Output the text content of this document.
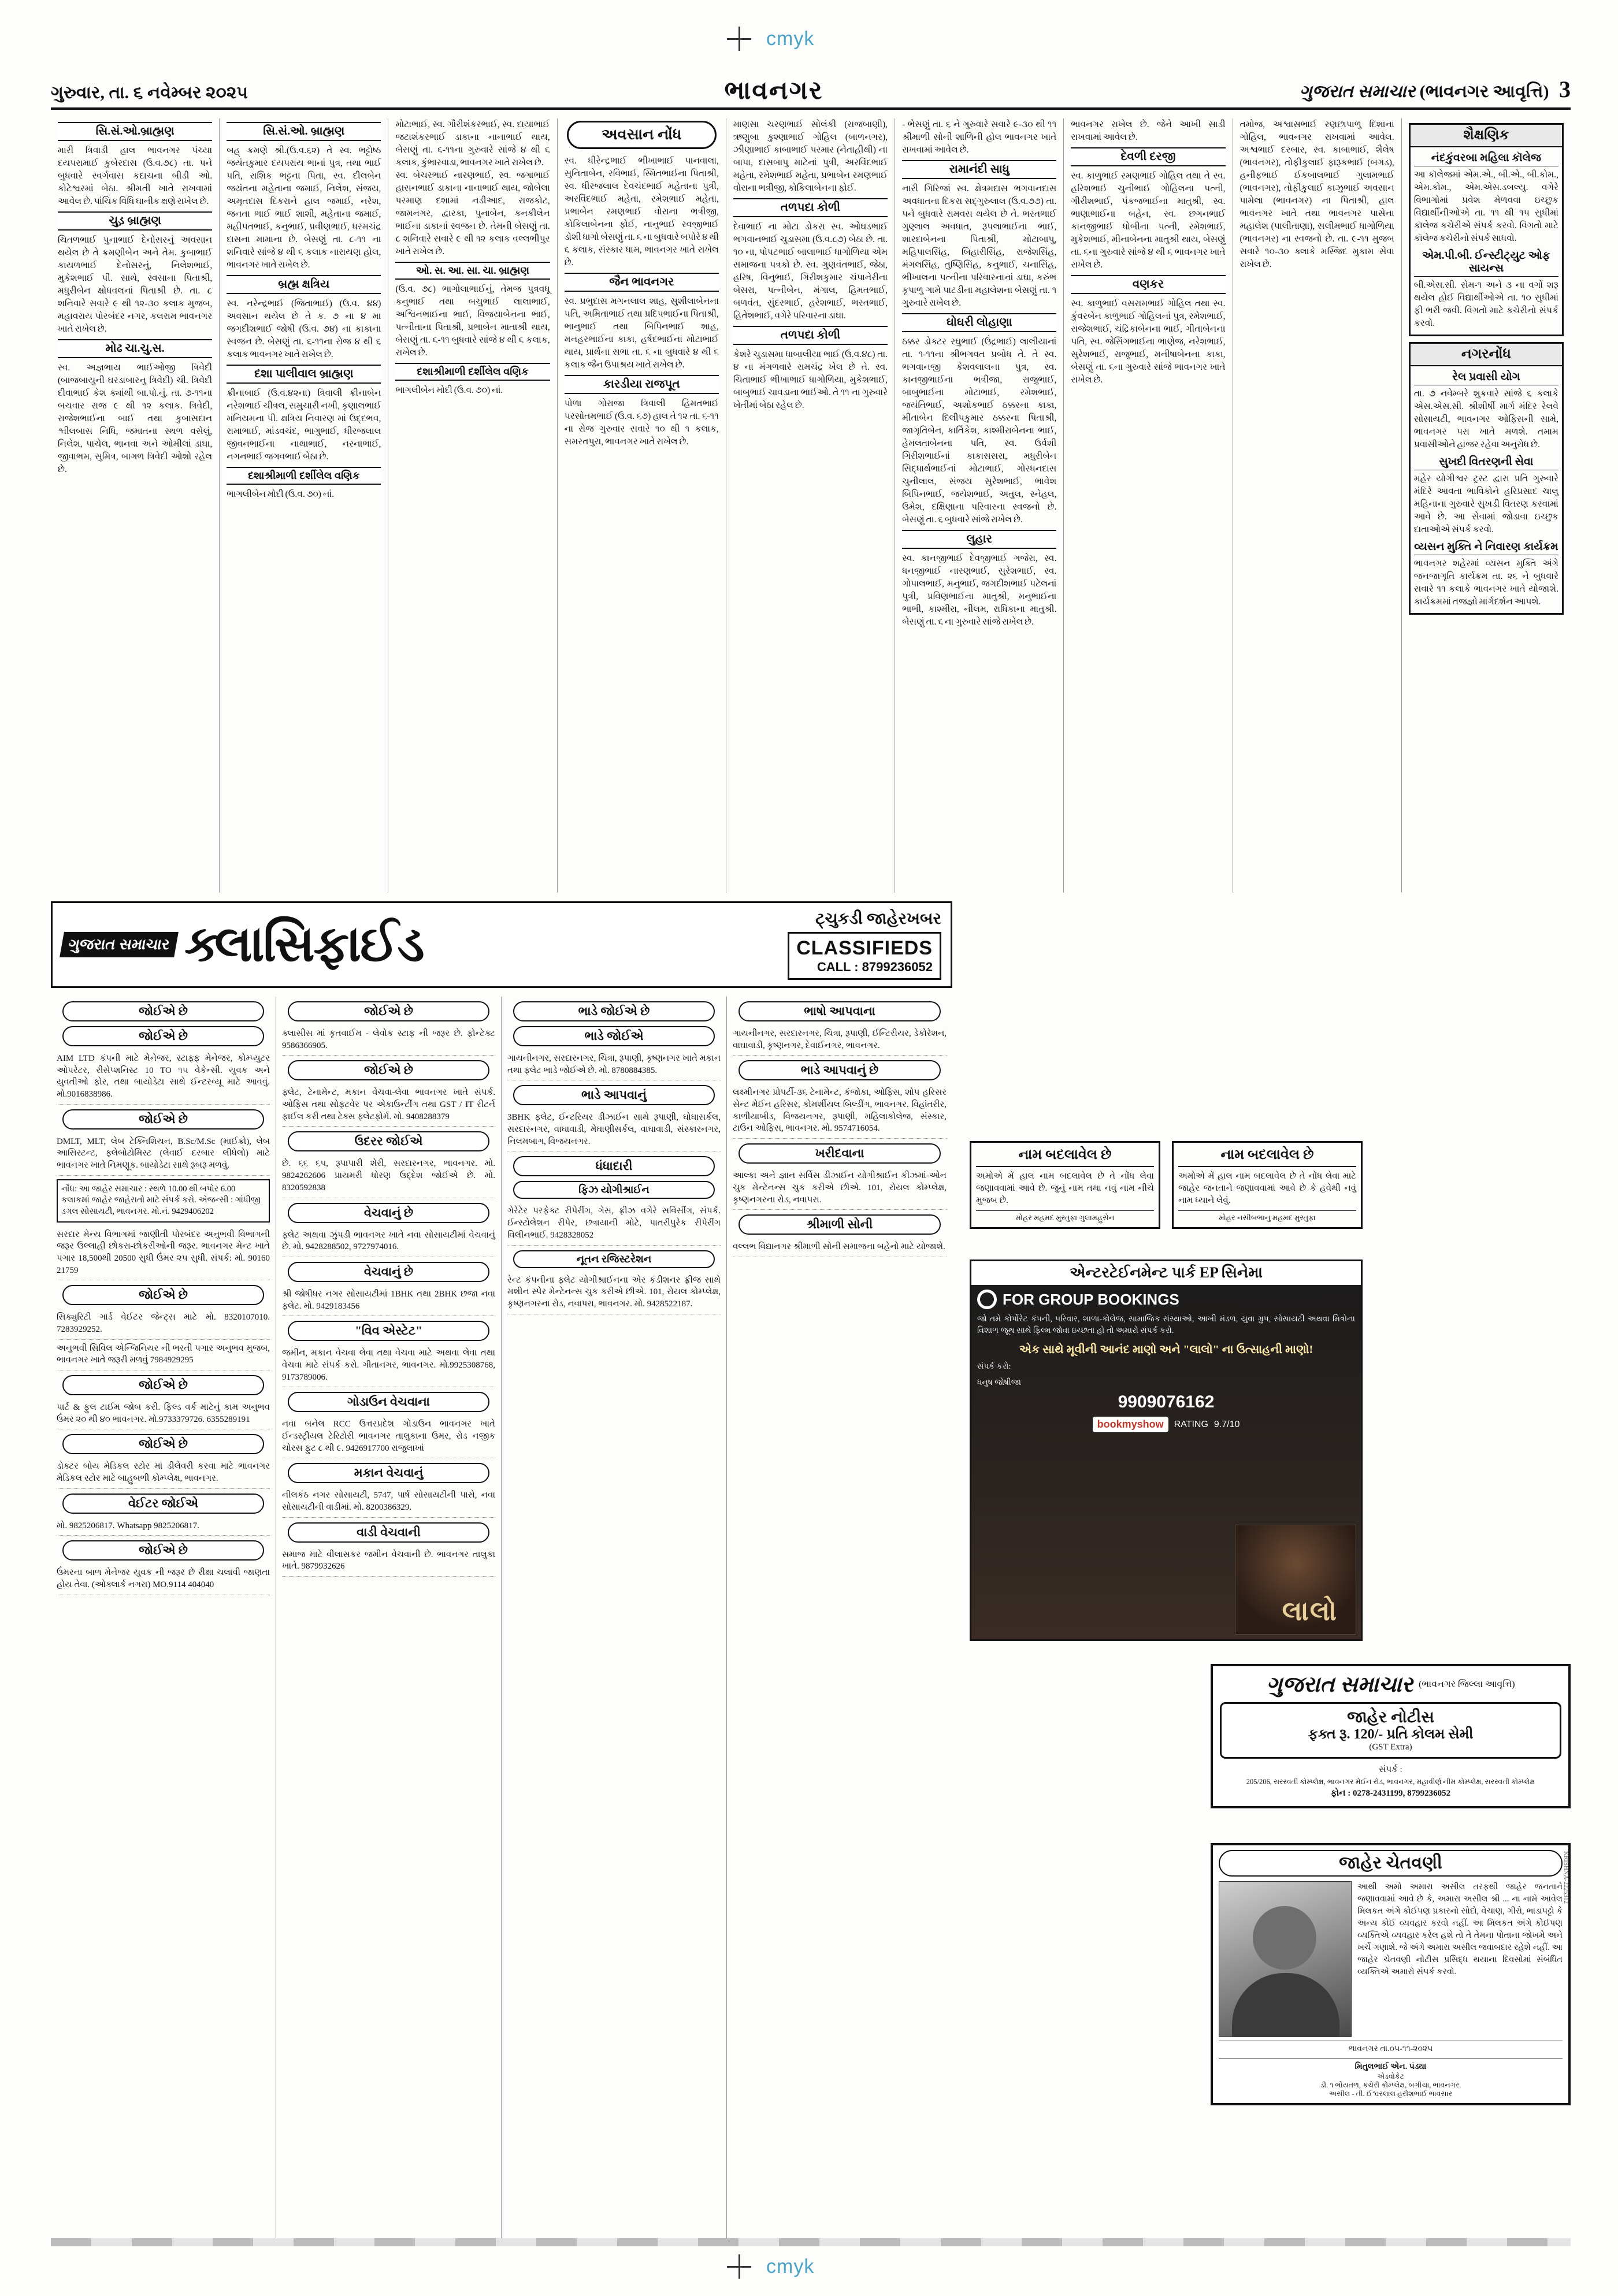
cmyk
ગુરુવાર, તા. ૬ નવેમ્બર ૨૦૨૫	ભાવનગર	ગુજરાત સમાચાર (ભાવનગર આવૃત્તિ) 3
સિ.સં.ઓ.બ્રાહ્મણ
મારી ત્રિવાડી હાલ ભાવનગર પંચ્યા દયપરામાઈ કુબેરદાસ (ઉ.વ.૭૮) તા. પને બુધવારે સ્વર્ગવાસ કદાચના બીડી ઓ. કોટેશ્વરમાં બેઠા. શ્રીમતી ખાતે રાખવામાં આવેલ છે. પાંચિક વિધિ ઘાનીક ક્ષણે રાખેલ છે.
ચુડ઼ બ્રાહ્મણ
ચિતળભાઈ પુનાભાઈ દેનોસરનું અવસાન થયેલ છે તે ક્રમણીબેન અને તેમ. કુબાભાઈ કાયળભાઈ દેનોસરનું, નિલેશભાઈ, મુકેશભાઈ પી. સાથે, સ્વસાના પિતાશ્રી, મધુરીબેન ક્ષોધવલનાં પિતાશ્રી છે. તા. ૮ શનિવારે સવારે ૯ થી ૧૨-૩૦ કલાક મુજબ, મહાવરાય પોરબંદર નગર, કલરામ ભાવનગર ખાતે રાખેલ છે.
મોઢ ચા.ચુ.સ.
સ્વ. અજ્ઞભાય ભાઈઓજી ત્રિવેદી (બાજબાયુની ઘરડાબારનુ ત્રિવેદી) ચી. ત્રિવેદી દીવાભાઈ કેશ ક્યાંથી બા.પો.નું. તા. ૭-૧૧ના બચવાર રાજ ૯ થી ૧૨ કલાક. ત્રિવેદી, રાજેશભાઈના બાઈ તથા કુબાસદાન શ્વીલબાસ નિધિ, જમાતના સ્થળ વસેલું, નિલેશ, પાચેલ, ભાનવા અને ઓમીલાં ડાઘા, જીવાભમ, સુમિત્ર, બાગળ ત્રિવેદી ઓશો રહેલ છે.
સિ.સં.ઓ. બ્રાહ્મણ
બહ્ ક્રમણે શ્રી.(ઉ.વ.૬૨) તે સ્વ. ભટ્ટોષ્ઠ જયંતકુમાર દયપરાય ભાનાં પુત્ર, તથા ભાઈ પતિ, રાશિક ભટ્ટના પિતા, સ્વ. દીલબેન જયંતના મહેતાના જમાઈ, નિલેશ, સંજય, અમૃતદાસ દિકરાને હાલ જમાઈ, નરેશ, જનતા ભાઈ ભાઈ શાશી, મહેતાના જમાઈ, મહીપતભાઈ, કનુભાઈ, પ્રવીણભાઈ, ધરમચંદ્ર દાસના મામાના છે. બેસણું તા. ૮-૧૧ ના શનિવારે સાંજે ૪ થી ૬ કલાક નારાયણ હોલ, ભાવનગર ખાતે રાખેલ છે.
બ્રહ્મ ક્ષત્રિય
સ્વ. નરેન્દ્રભાઈ (જિતાભાઈ) (ઉ.વ. ૪૪) અવસાન થયેલ છે તે ક. ૭ ના ૪ મા જગદીશભાઈ જોષી (ઉ.વ. ૭૪) ના કાકાના સ્વજન છે. બેસણું તા. ૬-૧૧ના રોજ ૪ થી ૬ કલાક ભાવનગર ખાતે રાખેલ છે.
દશા પાલીવાલ બ્રાહ્મણ
ક્રીનાબાઈ (ઉ.વ.૪૨ના) ત્રિવાલી ક્રીનાબેન નરેશભાઈ ચીત્રલ, સમુચારી નખી, કૃણાલભાઈ મનિયમના પી. ક્ષત્રિય નિવારણ માં ઉદ્દભવ, રામાભાઈ, માંડવચંદ, ભાગુભાઈ, ધીરજલાલ જીવનભાઈના નાથાભાઈ, નરનાભાઈ, નગનભાઈ જગવભાઈ બેઠા છે.
દશાશ્રીમાળી દર્શીલેલ વણિક
ભાગલીબેન મોદી (ઉ.વ. ૭૦) નાં.
મોટાભાઈ, સ્વ. ગૌરીશંકરભાઈ, સ્વ. દાયાભાઈ જટાશંકરભાઈ ડાકાના નાનાભાઈ થાય, બેસણું તા. ૬-૧૧ના ગુરુવારે સાંજે ૪ થી ૬ કલાક, કુંભારવાડા, ભાવનગર ખાતે રાખેલ છે.
સ્વ. બેચરભાઈ નારણભાઈ, સ્વ. જગાભાઈ હાસનભાઈ ડાકાના નાનાભાઈ થાય, જોબેલા પરમાણ દશામાં નડીઆદ, રાજકોટ, જામનગર, દ્વારકા, પુનાબેન, કનકીલેન ભાઈના ડાકાનાં સ્વજન છે. તેમની બેસણું તા. ૮ શનિવારે સવારે ૯ થી ૧૨ કલાક વલ્લભીપુર ખાતે રાખેલ છે.
ઓ. સ. આ. સા. ચા. બ્રાહ્મણ
(ઉ.વ. ૭૮) ભાગોલાભાઈનું, તેમજ પુત્રવધૂ કનુભાઈ તથા બચુભાઈ લાલાભાઈ, અશ્વિનભાઈના ભાઈ, વિજયાબેનના ભાઈ, પત્નીતાના પિતાશ્રી, પ્રભાબેન માતાશ્રી થાય, બેસણું તા. ૬-૧૧ બુધવારે સાંજે ૪ થી ૬ કલાક, રાખેલ છે.
દશાશ્રીમાળી દર્શીલેલ વણિક
ભાગલીબેન મોદી (ઉ.વ. ૭૦) નાં.
અવસાન નોંધ
સ્વ. ધીરેન્દ્રભાઈ ભીખાભાઈ પાનવાલા, સુનિતાબેન, રવિભાઈ, સ્મિતભાઈના પિતાશ્રી, સ્વ. ધીરજલાલ દેવચંદભાઈ મહેતાના પુત્રી, અરવિંદભાઈ મહેતા, રમેશભાઈ મહેતા, પ્રભાબેન રમણભાઈ વોરાના ભત્રીજી, કોકિલાબેનના ફોઈ, નાનુભાઈ રવજીભાઈ ડોશી ધાગો બેસણું તા. ૬ ના બુધવારે બપોરે ૪ થી ૬ કલાક, સંસ્કાર ધામ, ભાવનગર ખાતે રાખેલ છે.
જૈન ભાવનગર
સ્વ. પ્રભુદાસ મગનલાલ શાહ, સુશીલાબેનના પતિ, અમિતાભાઈ તથા પ્રદિપભાઈના પિતાશ્રી, ભાનુભાઈ તથા બિપિનભાઈ શાહ, મનહરભાઈના કાકા, હર્ષદભાઈના મોટાભાઈ થાય, પ્રાર્થના સભા તા. ૬ ના બુધવારે ૪ થી ૬ કલાક જૈન ઉપાશ્રય ખાતે રાખેલ છે.
કારડીયા રાજપૂત
પોળા ગોરાજા ત્રિવાલી હિમતભાઈ પરસોતમભાઈ (ઉ.વ. ૬૭) હાલ તે ૧૨ તા. ૬-૧૧ ના રોજ ગુરુવાર સવારે ૧૦ થી ૧ કલાક, સમરતપુરા, ભાવનગર ખાતે રાખેલ છે.
માણસા ચરણભાઈ સોલંકી (રાજબાણી), ઋણુબા કુશ્ણાભાઈ ગોહિલ (બાળનગર), ઝીણાભાઈ કાબાભાઈ પરમાર (નેતાહીથી) ના બાપા, દાસબાપુ માટેનાં પુત્રી, અરવિંદભાઈ મહેતા, રમેશભાઈ મહેતા, પ્રભાબેન રમણભાઈ વોરાના ભત્રીજી, કોકિલાબેનના ફોઈ.
તળપદા કોળી
દેવાભાઈ ના મોટા ડોકરા સ્વ. ઓઘડભાઈ ભગવાનભાઈ ચુડાસમા (ઉ.વ.૮૭) બેઠા છે. તા. ૧૦ ના, પોપટભાઈ બાલાભાઈ ધાગોળિયા એમ સમાજના પત્રકો છે. સ્વ. ગુણવંતભાઈ, જેઠા, હરિષ, વિનુભાઈ, ગિરીશકુમાર ચંપાનેરીના બેસરા, પત્નીબેન, મંગાલ, હિમતભાઈ, બળવંત, સુંદરભાઈ, હરેશભાઈ, ભરતભાઈ, હિતેશભાઈ, વગેરે પરિવારના ડાઘા.
તળપદા કોળી
કેશરે ચુડાસમા ધાબાલીયા ભાઈ (ઉ.વ.૪૮) તા. ૪ ના મંગળવારે રામચંદ્ર ખેલ છે તે. સ્વ. ચિતાભાઈ ભીખાભાઈ ધાગોળિયા, મુકેશભાઈ, બાબુભાઈ ચાવડાના ભાઈઓ. તે ૧૧ ના ગુરુવારે ખેતીમાં બેઠા રહેલ છે.
- ભેસણું તા. ૬ ને ગુરુવારે સવારે ૯-૩૦ થી ૧૧ શ્રીમાળી સોની શાળિની હોલ ભાવનગર ખાતે રાખવામાં આવેલ છે.
રામાનંદી સાધુ
નારી ગિરિજાં સ્વ. ક્ષેત્રમદાસ ભગવાનદાસ અવધાતના દિકરા સદ્ગુરુલાલ (ઉ.વ.૭૭) તા. પને બુધવારે રામવસ થયેલ છે તે. ભરતભાઈ ગુણ્લાલ અવધાત, રૂપલાભાઈના ભાઈ, શારદાબેનના પિતાશ્રી, મોટાબાપુ, મહિપાલસિંહ, બિહારીસિંહ, રાજેશસિંહ, મંગલસિંહ, તુષ્ણિસિંહ, કનુભાઈ, ચનાસિંહ, ભીખાલના પત્નીના પરિવારનાનાં ડાઘા, કરુંભ કૃપાળુ ગામે પાટડીના મહાલેશના બેસણું તા. ૧ ગુરુવારે રાખેલ છે.
ઘોઘરી લોહાણા
ઠક્કર ડોક્ટર રઘુભાઈ (ઉંદ્રભાઈ) લાલીયાનાં તા. ૧-૧૧ના શ્રીભગવત પ્રબોધ તે. તે સ્વ. ભગવાનજી કેશવલાલના પુત્ર, સ્વ. કાનજીભાઈના ભત્રીજા, રાજુભાઈ, બાબુભાઈના મોટાભાઈ, રમેશભાઈ, જયંતિભાઈ, અશોકભાઈ ઠક્કરના કાકા, મીતાબેન દિલીપકુમાર ઠક્કરના પિતાશ્રી, જાગૃતિબેન, કાર્તિકેશ, કાશ્મીરાબેનના ભાઈ, હેમલતાબેનના પતિ, સ્વ. ઉર્વશી ગિરીશભાઈનાં કાકાસસરા, મધુરીબેન સિદ્ધાર્થભાઈનાં મોટાભાઈ, ગોરધનદાસ ચુનીલાલ, સંજય સુરેશભાઈ, ભાવેશ બિપિનભાઈ, જયેશભાઈ, અતુલ, સ્નેહલ, ઉમેશ, દક્ષિણાના પરિવારના સ્વજનો છે. બેસણું તા. ૬ બુધવારે સાંજે રાખેલ છે.
લુહાર
સ્વ. કાનજીભાઈ દેવજીભાઈ ગજેરા, સ્વ. ધનજીભાઈ નારણભાઈ, સુરેશભાઈ, સ્વ. ગોપાલભાઈ, મનુભાઈ, જગદીશભાઈ પટેલનાં પુત્રી, પ્રવિણભાઈના માતુશ્રી, મનુભાઈના ભાભી, કાશ્મીરા, નીલમ, રાધિકાના માતુશ્રી. બેસણું તા. ૬ ના ગુરુવારે સાંજે રાખેલ છે.
ભાવનગર રાખેલ છે. જેને આખી સાડી રાખવામાં આવેલ છે.
દેવળી દરજી
સ્વ. કાળુભાઈ રમણભાઈ ગોહિલ તથા તે સ્વ. હરિશભાઈ ચુનીભાઈ ગોહિલના પત્ની, ગીરીશભાઈ, પંકજભાઈના માતુશ્રી, સ્વ. ભાણાભાઈના બહેન, સ્વ. છગનભાઈ કાનજીભાઈ ધોબીના પત્ની, રમેશભાઈ, મુકેશભાઈ, મીનાબેનના માતુશ્રી થાય, બેસણું તા. ૬ના ગુરુવારે સાંજે ૪ થી ૬ ભાવનગર ખાતે રાખેલ છે.
વણકર
સ્વ. કાળુભાઈ વસરામભાઈ ગોહિલ તથા સ્વ. કુંવરબેન કાળુભાઈ ગોહિલનાં પુત્ર, રમેશભાઈ, રાજેશભાઈ, ચંદ્રિકાબેનના ભાઈ, ગીતાબેનના પતિ, સ્વ. જેસિંગભાઈના ભાણેજ, નરેશભાઈ, સુરેશભાઈ, રાજુભાઈ, મનીષાબેનના કાકા, બેસણું તા. ૬ના ગુરુવારે સાંજે ભાવનગર ખાતે રાખેલ છે.
તમોજ, અશ્વાસભાઈ રણછાપાળુ દિશાના ગોહિલ, ભાવનગર રાખવામાં આવેલ. અશ્વભાઈ દરબાર, સ્વ. કાબાભાઈ, શૈલેષ (ભાવનગર), તોફીકુલાઈ ફારૂકભાઈ (બગડ), હનીફભાઈ ઈકબાલભાઈ ગુલામભાઈ (ભાવનગર), તોફીકુલાઈ કાઝુભાઈ અવસાન પામેલા (ભાવનગર) ના પિતાશ્રી, હાલ ભાવનગર ખાતે તથા ભાવનગર પાસેના મહાલેશ (પાલીતાણા), સલીમભાઈ ધાગોળિયા (ભાવનગર) ના સ્વજનો છે. તા. ૯-૧૧ મુજબ સવારે ૧૦-૩૦ ક્લાકે મસ્જિદ મુકામ સેવા રાખેલ છે.
શૈક્ષણિક
નંદકુંવરબા મહિલા કૉલેજ
આ કૉલેજમાં એમ.એ., બી.એ., બી.કોમ., એમ.કોમ., એમ.એસ.ડબલ્યુ. વગેરે વિભાગોમાં પ્રવેશ મેળવવા ઇચ્છુક વિદ્યાર્થીનીઓએ તા. ૧૧ થી ૧૫ સુધીમાં કૉલેજ કચેરીએ સંપર્ક કરવો. વિગતો માટે કૉલેજ કચેરીનો સંપર્ક સાધવો.
એમ.પી.બી. ઈન્સ્ટીટ્યુટ ઓફ સાયન્સ
બી.એસ.સી. સેમ-૧ અને ૩ ના વર્ગો શરૂ થયેલ હોઈ વિદ્યાર્થીઓએ તા. ૧૦ સુધીમાં ફી ભરી જવી. વિગતો માટે કચેરીનો સંપર્ક કરવો.
નગરનોંધ
રેલ પ્રવાસી યોગ
તા. ૭ નવેમ્બરે શુક્રવારે સાંજે ૬ કલાકે એસ.એસ.સી. શ્રીશીર્ષી માર્ગ મંદિર રેલવે સોસાયટી, ભાવનગર ઓફિસની સામે, ભાવનગર પરા ખાતે મળશે. તમામ પ્રવાસીઓને હાજર રહેવા અનુરોધ છે.
સુખદી વિતરણની સેવા
મહેર યોગીશ્વર ટ્રસ્ટ દ્વારા પ્રતિ ગુરુવારે મંદિરે આવતા ભાવિકોને હરિપ્રસાદ ચાલુ મહિનાના ગુરુવારે સુખડી વિતરણ કરવામાં આવે છે. આ સેવામાં જોડાવા ઇચ્છુક દાતાઓએ સંપર્ક કરવો.
વ્યસન મુક્તિ ને નિવારણ કાર્યક્રમ
ભાવનગર શહેરમાં વ્યસન મુક્તિ અંગે જનજાગૃતિ કાર્યક્રમ તા. ૨૬ ને બુધવારે સવારે ૧૧ કલાકે ભાવનગર ખાતે યોજાશે. કાર્યક્રમમાં તજજ્ઞો માર્ગદર્શન આપશે.
ગુજરાત સમાચાર ક્લાસિફાઈડ	ટ્ચુકડી જાહેરખબર
CLASSIFIEDS
CALL : 8799236052
જોઈએ છે
જોઈએ છે
AIM LTD કંપની માટે મેનેજર, સ્ટાફ્ફ મેનેજર, કોમ્પ્યુટર ઓપરેટર, રીસેપ્શનિસ્ટ 10 TO ૧૫ વેકેન્સી. યુવક અને યુવતીઓ ફોર, તથા બાયોડેટા સાથે ઈન્ટરવ્યૂ માટે આવવું. મો.9016838986.
જોઈએ છે
DMLT, MLT, લેબ ટેક્નિશિયન, B.Sc/M.Sc (માઈક્રો), લેબ આસિસ્ટન્ટ, ફ્લેબોટોમિસ્ટ (લેવાઈ દરબાર લીધેલો) માટે ભાવનગર ખાતે નિમણૂક. બાયોડેટા સાથે રૂબરૂ મળવું.
નોંધ: આ જાહેર સમાચાર : સ્થળે 10.00 થી બપોર 6.00 કલાકમાં જાહેર જાહેરાતો માટે સંપર્ક કરો. એજન્સી : ગાંધીજી ડગલ સોસાયટી, ભાવનગર. મો.નં. 9429406202
સરદાર મેન્ય વિભાગમાં જાણીતી પોરબંદર અનુભવી વિભાગની જરૂર ઉલ્લાહી છોકરા-છોકરીઓની જરૂર. ભાવનગર મેન્ટ ખાતે પગાર 18,500થી 20500 સુધી ઉંમર ૨૫ સુધી. સંપર્ક: મો. 90160 21759
જોઈએ છે
સિક્યુરિટી ગાર્ડ વેઈટર જેન્ટ્સ માટે મો. 8320107010. 7283929252.
અનુભવી સિવિલ એન્જિનિયર ની ભરતી પગાર અનુભવ મુજબ, ભાવનગર ખાતે જરૂરી મળવું 7984929295
જોઈએ છે
પાર્ટ & ફુલ ટાઈમ જોબ કરી. ફિલ્ડ વર્ક માટેનું કામ અનુભવ ઉંમર ૨૦ થી ૪૦ ભાવનગર. મો.9733379726. 6355289191
જોઈએ છે
ડોક્ટર બોય મેડિકલ સ્ટોર માં ડીલેવરી કરવા માટે ભાવનગર મેડિકલ સ્ટોર માટે બાહુબળી કોમ્પ્લેક્ષ, ભાવનગર.
વેઈટર જોઈએ
મો. 9825206817. Whatsapp 9825206817.
જોઈએ છે
ઉંમરના બાળ મેનેજર યુવક ની જરૂર છે રીક્ષા ચલાવી જાણતા હોય તેવા. (ઓક્લાર્ક નગરા) MO.9114 404040
જોઈએ છે
ક્લાસીસ માં કૃતવાઈમ - લેવોક સ્ટાફ ની જરૂર છે. ફોન્ટેક્ટ 9586366905.
જોઈએ છે
ફ્લેટ, ટેનામેન્ટ, મકાન વેચવા-લેવા ભાવનગર ખાતે સંપર્ક. ઓફિસ તથા સોફ્ટવેર પર એકાઉન્ટીંગ તથા GST / IT રીટર્ન ફાઈલ કરી તથા ટેક્સ ફ્લેટફોર્મ. મો. 9408288379
ઉદરર જોઈએ
છે. ૬૬ ૬૫, રૂપાપારી શેરી, સરદારનગર, ભાવનગર. મો. 9824262606 પ્રાયમરી ધોરણ ઉદ્દેશ જોઈએ છે. મો. 8320592838
વેચવાનું છે
ફ્લેટ અથવા ઝુંપડી ભાવનગર ખાતે નવા સોસાયટીમાં વેચવાનું છે. મો. 9428288502, 9727974016.
વેચવાનું છે
શ્રી જોષીધર નગર સોસાયટીમાં 1BHK તથા 2BHK છજા નવા ફ્લેટ. મો. 9429183456
"વિવ એસ્ટેટ"
જમીન, મકાન વેચવા લેવા તથા વેચવા માટે અથવા લેવા તથા વેચવા માટે સંપર્ક કરો. ગીતાનગર, ભાવનગર. મો.9925308768, 9173789006.
ગોડાઉન વેચવાના
નવા બનેલ RCC ઉત્તરપ્રદેશ ગોડાઉન ભાવનગર ખાતે ઈન્ડસ્ટ્રીયલ ટેરિટોરી ભાવનગર તાલુકાના ઉમર, રોડ નજીક ચોરસ ફુટ ૮ થી ૯. 9426917700 રાજુલાખાં
મકાન વેચવાનું
નીલકંઠ નગર સોસાયટી, 5747, પાર્ષ સોસાયટીની પાસે, નવા સોસાયટીની વાડીમાં. મો. 8200386329.
વાડી વેચવાની
સમાજ માટે વીલાસકર જમીન વેચવાની છે. ભાવનગર તાલુકા ખાતે. 9879932626
ભાડે જોઈએ છે
ભાડે જોઈએ
ગાયનીનગર, સરદારનગર, ચિત્રા, રૂપાણી, કૃષ્ણનગર ખાતે મકાન તથા ફ્લેટ ભાડે જોઈએ છે. મો. 8780884385.
ભાડે આપવાનું
3BHK ફ્લેટ, ઈન્ટરિયર ડીઝાઈન સાથે રૂપાણી, ઘોઘાસર્કલ, સરદારનગર, વાઘાવાડી, મેઘાણીસર્કલ, વાઘાવાડી, સંસ્કારનગર, નિલમબાગ, વિજયનગર.
ધંધાદારી
ફિઝ યોગીશ્રાઈન
ગેરેટેર પરફેક્ટ રીપેરીંગ, ગેસ, ફ્રીઝ વગેરે સર્વિસીંગ, સંપર્ક. ઈન્સ્ટોલેશન રીપેર, છત્રાયાની મોટે, પાતરીપુરેક રીપેરીંગ વિલીનભાઈ. 9428328052
નૂતન રજિસ્ટરેશન
રેન્ટ કંપનીના ફ્લેટ યોગીશ્રાઈનના એર કંડીશનર ફ્રીજ સાથે મશીન સ્પેર મેન્ટેનન્સ ચુક કરીએ છીએ. 101, રોયલ કોમ્પ્લેક્ષ, કૃષ્ણનગરના રોડ, નવાપરા, ભાવનગર. મો. 9428522187.
ભાષો આપવાના
ગાયનીનગર, સરદારનગર, ચિત્રા, રૂપાણી, ઈન્ટિરીયર, ડેકોરેશન, વાઘાવાડી, કૃષ્ણનગર, દેવાઈનગર, ભાવનગર.
ભાડે આપવાનું છે
લક્ષ્મીનગર પ્રોપર્ટી-૩૬ ટેનામેન્ટ, કંજોકા, ઓફિસ, શોપ હરિસર સેન્ટ મેઈન હરિસર, કોમર્શીયલ બિલ્ડીંગ, ભાવનગર. વિહાંતરીર, કાળીયાબીડ, વિજયનગર, રૂપાણી, મહિલાકોલેજ, સંસ્કાર, ટાઉન ઓફિસ, ભાવનગર. મો. 9574716054.
ખરીદવાના
આલ્કા અને જ્ઞાન સર્વિસ ડીઝાઈન યોગીશ્રાઈન કીઝમાં-ઓન ચુક મેન્ટેનન્સ ચુક કરીએ છીએ. 101, રોયલ કોમ્પ્લેક્ષ, કૃષ્ણનગરના રોડ, નવાપરા.
શ્રીમાળી સોની
વલ્લભ વિદ્યાનગર શ્રીમાળી સોની સમાજના બહેનો માટે યોજાશે.
નામ બદલાવેલ છે
અમોએ મેં હાલ નામ બદલાવેલ છે તે નોંધ લેવા જણાવવામાં આવે છે. જુનું નામ તથા નવું નામ નીચે મુજબ છે.
મોહર મહમદ મુસ્તુફા ગુલામહુસેન
નામ બદલાવેલ છે
અમોએ મેં હાલ નામ બદલાવેલ છે તે નોંધ લેવા માટે જાહેર જનતાને જણાવવામાં આવે છે કે હવેથી નવું નામ ધ્યાને લેવું.
મોહર નસીબભાનુ મહમદ મુસ્તુફા
એન્ટરટેઈનમેન્ટ પાર્ક EP સિનેમા
FOR GROUP BOOKINGS
જો તમે કોર્પોરેટ કંપની, પરિવાર, શાળા-કોલેજ, સામાજિક સંસ્થાઓ, આખી મંડળ, યુવા ગ્રુપ, સોસાયટી અથવા મિત્રોના વિશાળ જૂથ સાથે ફિલ્મ જોવા ઇચ્છતા હો તો અમારો સંપર્ક કરો.
એક સાથે મૂવીની આનંદ માણો અને "લાલો" ના ઉત્સાહની માણો!
સંપર્ક કરો:
ધનુષ જોષીજા
9909076162
bookmyshow	RATING 9.7/10
લાલો
ગુજરાત સમાચાર (ભાવનગર જિલ્લા આવૃત્તિ)
જાહેર નોટીસ
ફક્ત રૂ. 120/- પ્રતિ કોલમ સેમી
(GST Extra)
સંપર્ક :
205/206, સરસ્વતી કોમ્પ્લેક્ષ, ભાવનગર મેઈન રોડ, ભાવનગર, મહાવીર્ણ નીમ કોમ્પ્લેક્ષ, સરસ્વતી કોમ્પ્લેક્ષ
ફોન : 0278-2431199, 8799236052
જાહેર ચેતવણી
આથી અમો અમારા અસીલ તરફથી જાહેર જનતાને જણાવવામાં આવે છે કે, અમારા અસીલ શ્રી ... ના નામે આવેલ મિલકત અંગે કોઈપણ પ્રકારનો સોદો, વેચાણ, ગીરો, ભાડાપટ્ટો કે અન્ય કોઈ વ્યવહાર કરવો નહીં. આ મિલકત અંગે કોઈપણ વ્યક્તિએ વ્યવહાર કરેલ હશે તો તે તેમના પોતાના જોખમે અને ખર્ચે ગણાશે. જે અંગે અમારા અસીલ જવાબદાર રહેશે નહીં. આ જાહેર ચેતવણી નોટીસ પ્રસિદ્ધ થયાના દિવસોમાં સંબંધિત વ્યક્તિએ અમારો સંપર્ક કરવો.
ભાવનગર તા.૦૫-૧૧-૨૦૨૫
મિતુલભાઈ એન. પંડ્યા
એડવોકેટ
ડી. ૧ ભોંયતળ, કચેરી કોમ્પ્લેક્ષ, બગીચા, ભાવનગર.
અસીલ - તી. ઈશ્વરલાલ હરીશભાઈ ભાવસાર
KRISHNA-2225312
cmyk
